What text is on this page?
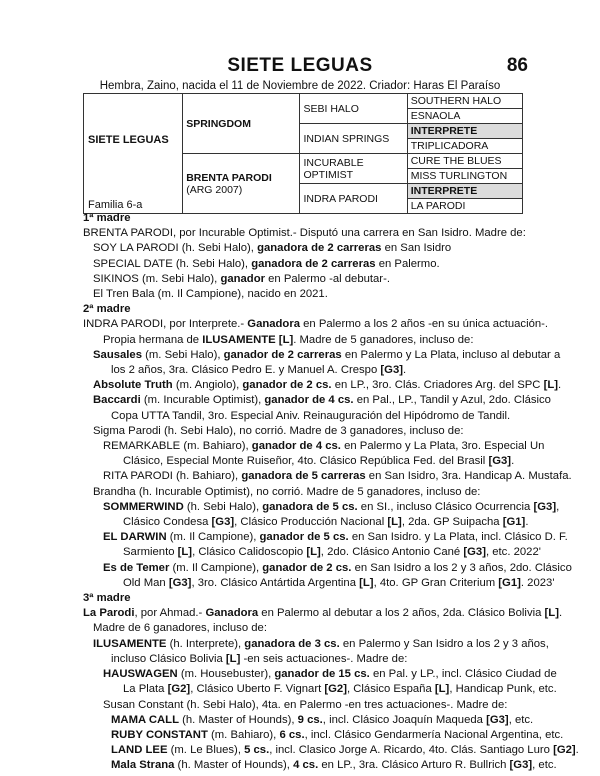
SIETE LEGUAS	86
Hembra, Zaino, nacida el 11 de Noviembre de 2022. Criador: Haras El Paraíso
SIETE LEGUAS
Familia 6-a	SPRINGDOM	SEBI HALO	SOUTHERN HALO
			ESNAOLA
		INDIAN SPRINGS	INTERPRETE
			TRIPLICADORA

	BRENTA PARODI
(ARG 2007)	INCURABLE OPTIMIST	CURE THE BLUES
			MISS TURLINGTON
		INDRA PARODI	INTERPRETE
			LA PARODI
1ª madre
BRENTA PARODI, por Incurable Optimist.- Disputó una carrera en San Isidro. Madre de:
SOY LA PARODI (h. Sebi Halo), ganadora de 2 carreras en San Isidro
SPECIAL DATE (h. Sebi Halo), ganadora de 2 carreras en Palermo.
SIKINOS (m. Sebi Halo), ganador en Palermo -al debutar-.
El Tren Bala (m. Il Campione), nacido en 2021.
2ª madre
INDRA PARODI, por Interprete.- Ganadora en Palermo a los 2 años -en su única actuación-.
Propia hermana de ILUSAMENTE [L]. Madre de 5 ganadores, incluso de:
Sausales (m. Sebi Halo), ganador de 2 carreras en Palermo y La Plata, incluso al debutar a
los 2 años, 3ra. Clásico Pedro E. y Manuel A. Crespo [G3].
Absolute Truth (m. Angiolo), ganador de 2 cs. en LP., 3ro. Clás. Criadores Arg. del SPC [L].
Baccardi (m. Incurable Optimist), ganador de 4 cs. en Pal., LP., Tandil y Azul, 2do. Clásico
Copa UTTA Tandil, 3ro. Especial Aniv. Reinauguración del Hipódromo de Tandil.
Sigma Parodi (h. Sebi Halo), no corrió. Madre de 3 ganadores, incluso de:
REMARKABLE (m. Bahiaro), ganador de 4 cs. en Palermo y La Plata, 3ro. Especial Un
Clásico, Especial Monte Ruiseñor, 4to. Clásico República Fed. del Brasil [G3].
RITA PARODI (h. Bahiaro), ganadora de 5 carreras en San Isidro, 3ra. Handicap A. Mustafa.
Brandha (h. Incurable Optimist), no corrió. Madre de 5 ganadores, incluso de:
SOMMERWIND (h. Sebi Halo), ganadora de 5 cs. en SI., incluso Clásico Ocurrencia [G3],
Clásico Condesa [G3], Clásico Producción Nacional [L], 2da. GP Suipacha [G1].
EL DARWIN (m. Il Campione), ganador de 5 cs. en San Isidro. y La Plata, incl. Clásico D. F.
Sarmiento [L], Clásico Calidoscopio [L], 2do. Clásico Antonio Cané [G3], etc. 2022'
Es de Temer (m. Il Campione), ganador de 2 cs. en San Isidro a los 2 y 3 años, 2do. Clásico
Old Man [G3], 3ro. Clásico Antártida Argentina [L], 4to. GP Gran Criterium [G1]. 2023'
3ª madre
La Parodi, por Ahmad.- Ganadora en Palermo al debutar a los 2 años, 2da. Clásico Bolivia [L].
Madre de 6 ganadores, incluso de:
ILUSAMENTE (h. Interprete), ganadora de 3 cs. en Palermo y San Isidro a los 2 y 3 años,
incluso Clásico Bolivia [L] -en seis actuaciones-. Madre de:
HAUSWAGEN (m. Housebuster), ganador de 15 cs. en Pal. y LP., incl. Clásico Ciudad de
La Plata [G2], Clásico Uberto F. Vignart [G2], Clásico España [L], Handicap Punk, etc.
Susan Constant (h. Sebi Halo), 4ta. en Palermo -en tres actuaciones-. Madre de:
MAMA CALL (h. Master of Hounds), 9 cs., incl. Clásico Joaquín Maqueda [G3], etc.
RUBY CONSTANT (m. Bahiaro), 6 cs., incl. Clásico Gendarmería Nacional Argentina, etc.
LAND LEE (m. Le Blues), 5 cs., incl. Clasico Jorge A. Ricardo, 4to. Clás. Santiago Luro [G2].
Mala Strana (h. Master of Hounds), 4 cs. en LP., 3ra. Clásico Arturo R. Bullrich [G3], etc.
